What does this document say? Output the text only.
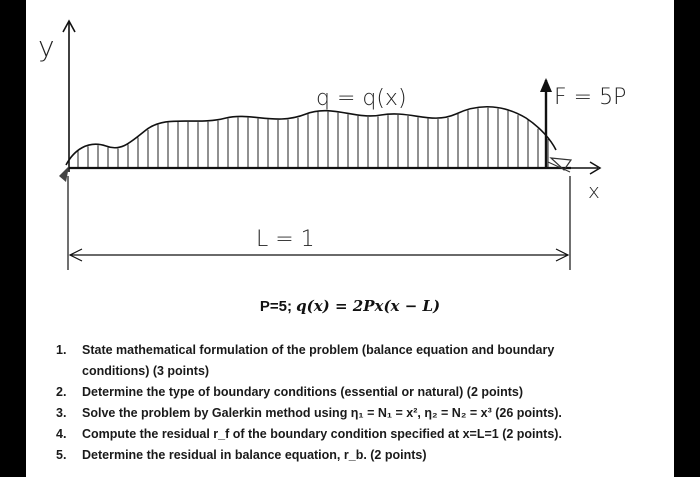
y
x
F = 5P
q = q(x)
L = 1
P=5; q(x) = 2Px(x − L)
1. State mathematical formulation of the problem (balance equation and boundary
conditions) (3 points)
2. Determine the type of boundary conditions (essential or natural) (2 points)
3. Solve the problem by Galerkin method using η₁ = N₁ = x², η₂ = N₂ = x³ (26 points).
4. Compute the residual r_f of the boundary condition specified at x=L=1 (2 points).
5. Determine the residual in balance equation, r_b. (2 points)
